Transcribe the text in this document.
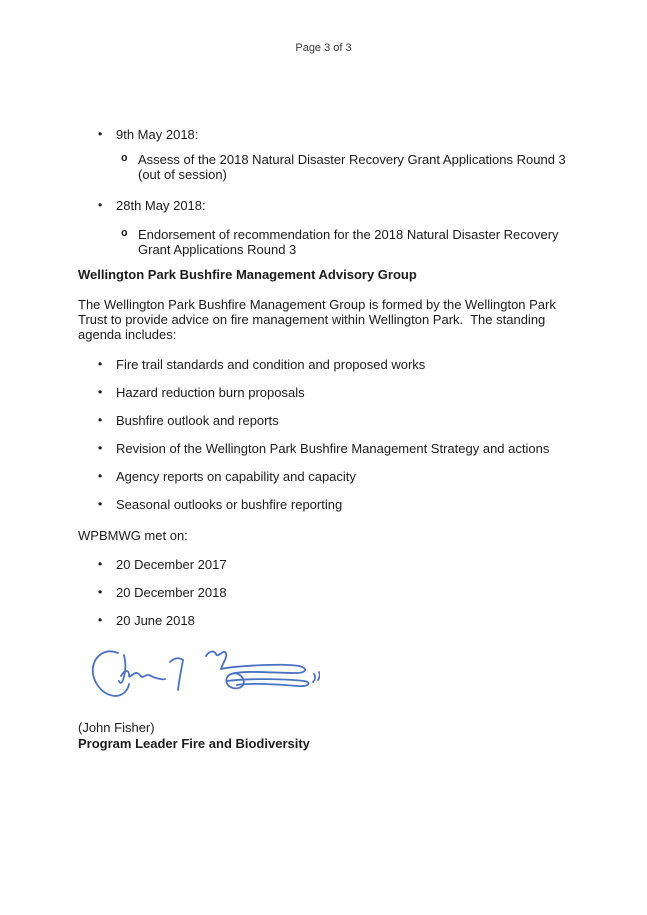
Page 3 of 3
•	9th May 2018:
o Assess of the 2018 Natural Disaster Recovery Grant Applications Round 3
(out of session)
•	28th May 2018:
o Endorsement of recommendation for the 2018 Natural Disaster Recovery
Grant Applications Round 3
Wellington Park Bushfire Management Advisory Group
The Wellington Park Bushfire Management Group is formed by the Wellington Park
Trust to provide advice on fire management within Wellington Park.  The standing
agenda includes:
•	Fire trail standards and condition and proposed works
•	Hazard reduction burn proposals
•	Bushfire outlook and reports
•	Revision of the Wellington Park Bushfire Management Strategy and actions
•	Agency reports on capability and capacity
•	Seasonal outlooks or bushfire reporting
WPBMWG met on:
•	20 December 2017
•	20 December 2018
•	20 June 2018
(John Fisher)
Program Leader Fire and Biodiversity
